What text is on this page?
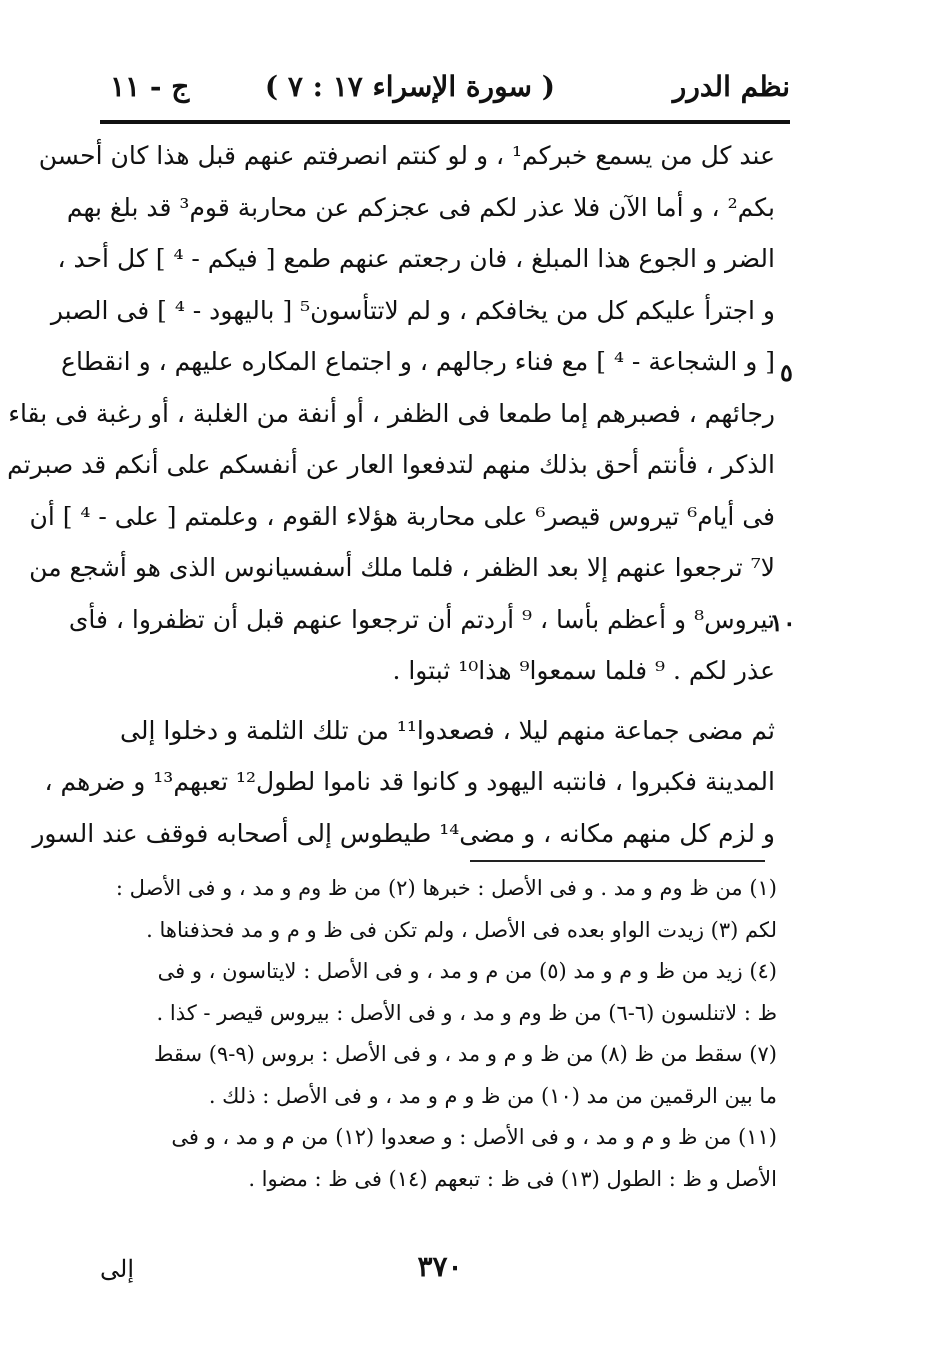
نظم الدرر
( سورة الإسراء ١٧ : ٧ )
ج - ١١
عند كل من يسمع خبركم¹ ، و لو كنتم انصرفتم عنهم قبل هذا كان أحسن
بكم² ، و أما الآن فلا عذر لكم فى عجزكم عن محاربة قوم³ قد بلغ بهم
الضر و الجوع هذا المبلغ ، فان رجعتم عنهم طمع [ فيكم - ⁴ ] كل أحد ،
و اجترأ عليكم كل من يخافكم ، و لم لاتتأسون⁵ [ باليهود - ⁴ ] فى الصبر
[ و الشجاعة - ⁴ ] مع فناء رجالهم ، و اجتماع المكاره عليهم ، و انقطاع
رجائهم ، فصبرهم إما طمعا فى الظفر ، أو أنفة من الغلبة ، أو رغبة فى بقاء
الذكر ، فأنتم أحق بذلك منهم لتدفعوا العار عن أنفسكم على أنكم قد صبرتم
فى أيام⁶ تيروس قيصر⁶ على محاربة هؤلاء القوم ، وعلمتم [ على - ⁴ ] أن
لا⁷ ترجعوا عنهم إلا بعد الظفر ، فلما ملك أسفسيانوس الذى هو أشجع من
تيروس⁸ و أعظم بأسا ، ⁹ أردتم أن ترجعوا عنهم قبل أن تظفروا ، فأى
عذر لكم . ⁹ فلما سمعوا⁹ هذا¹⁰ ثبتوا .
ثم مضى جماعة منهم ليلا ، فصعدوا¹¹ من تلك الثلمة و دخلوا إلى
المدينة فكبروا ، فانتبه اليهود و كانوا قد ناموا لطول¹² تعبهم¹³ و ضرهم ،
و لزم كل منهم مكانه ، و مضى¹⁴ طيطوس إلى أصحابه فوقف عند السور
٥
١٠
(١) من ظ وم و مد . و فى الأصل : خبرها (٢) من ظ وم و مد ، و فى الأصل :
لكم (٣) زيدت الواو بعده فى الأصل ، ولم تكن فى ظ و م و مد فحذفناها .
(٤) زيد من ظ و م و مد (٥) من م و مد ، و فى الأصل : لايتاسون ، و فى
ظ : لاتنلسون (٦-٦) من ظ وم و مد ، و فى الأصل : بيروس قيصر - كذا .
(٧) سقط من ظ (٨) من ظ و م و مد ، و فى الأصل : بروس (٩-٩) سقط
ما بين الرقمين من مد (١٠) من ظ و م و مد ، و فى الأصل : ذلك .
(١١) من ظ و م و مد ، و فى الأصل : و صعدوا (١٢) من م و مد ، و فى
الأصل و ظ : الطول (١٣) فى ظ : تبعهم (١٤) فى ظ : مضوا .
٣٧٠
إلى
